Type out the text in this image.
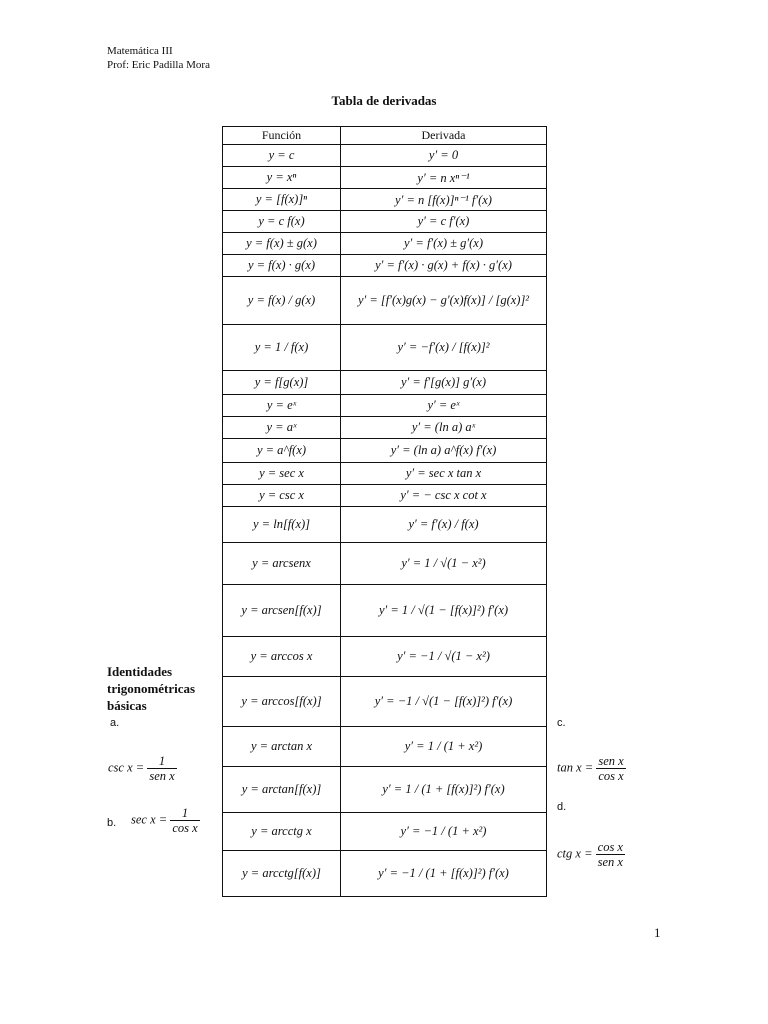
Matemática III
Prof: Eric Padilla Mora
Tabla de derivadas
Función	Derivada
y = c	y′ = 0
y = xⁿ	y′ = n xⁿ⁻¹
y = [f(x)]ⁿ	y′ = n [f(x)]ⁿ⁻¹ f′(x)
y = c f(x)	y′ = c f′(x)
y = f(x) ± g(x)	y′ = f′(x) ± g′(x)
y = f(x) · g(x)	y′ = f′(x) · g(x) + f(x) · g′(x)
y = f(x) / g(x)	y′ = [f′(x)g(x) − g′(x)f(x)] / [g(x)]²
y = 1 / f(x)	y′ = −f′(x) / [f(x)]²
y = f[g(x)]	y′ = f′[g(x)] g′(x)
y = eˣ	y′ = eˣ
y = aˣ	y′ = (ln a) aˣ
y = a^f(x)	y′ = (ln a) a^f(x) f′(x)
y = sec x	y′ = sec x tan x
y = csc x	y′ = − csc x cot x
y = ln[f(x)]	y′ = f′(x) / f(x)
y = arcsenx	y′ = 1 / √(1 − x²)
y = arcsen[f(x)]	y′ = 1 / √(1 − [f(x)]²) f′(x)
y = arccos x	y′ = −1 / √(1 − x²)
y = arccos[f(x)]	y′ = −1 / √(1 − [f(x)]²) f′(x)
y = arctan x	y′ = 1 / (1 + x²)
y = arctan[f(x)]	y′ = 1 / (1 + [f(x)]²) f′(x)
y = arcctg x	y′ = −1 / (1 + x²)
y = arcctg[f(x)]	y′ = −1 / (1 + [f(x)]²) f′(x)
Identidades
trigonométricas
básicas
a.
$\csc x = \frac{1}{\text{sen x}}$
b. $\sec x = \frac{1}{\text{cos x}}$
c.
$\tan x = \frac{\text{sen x}}{\text{cos x}}$
d.
ctg $x = \frac{\text{cos x}}{\text{sen x}}$
1
